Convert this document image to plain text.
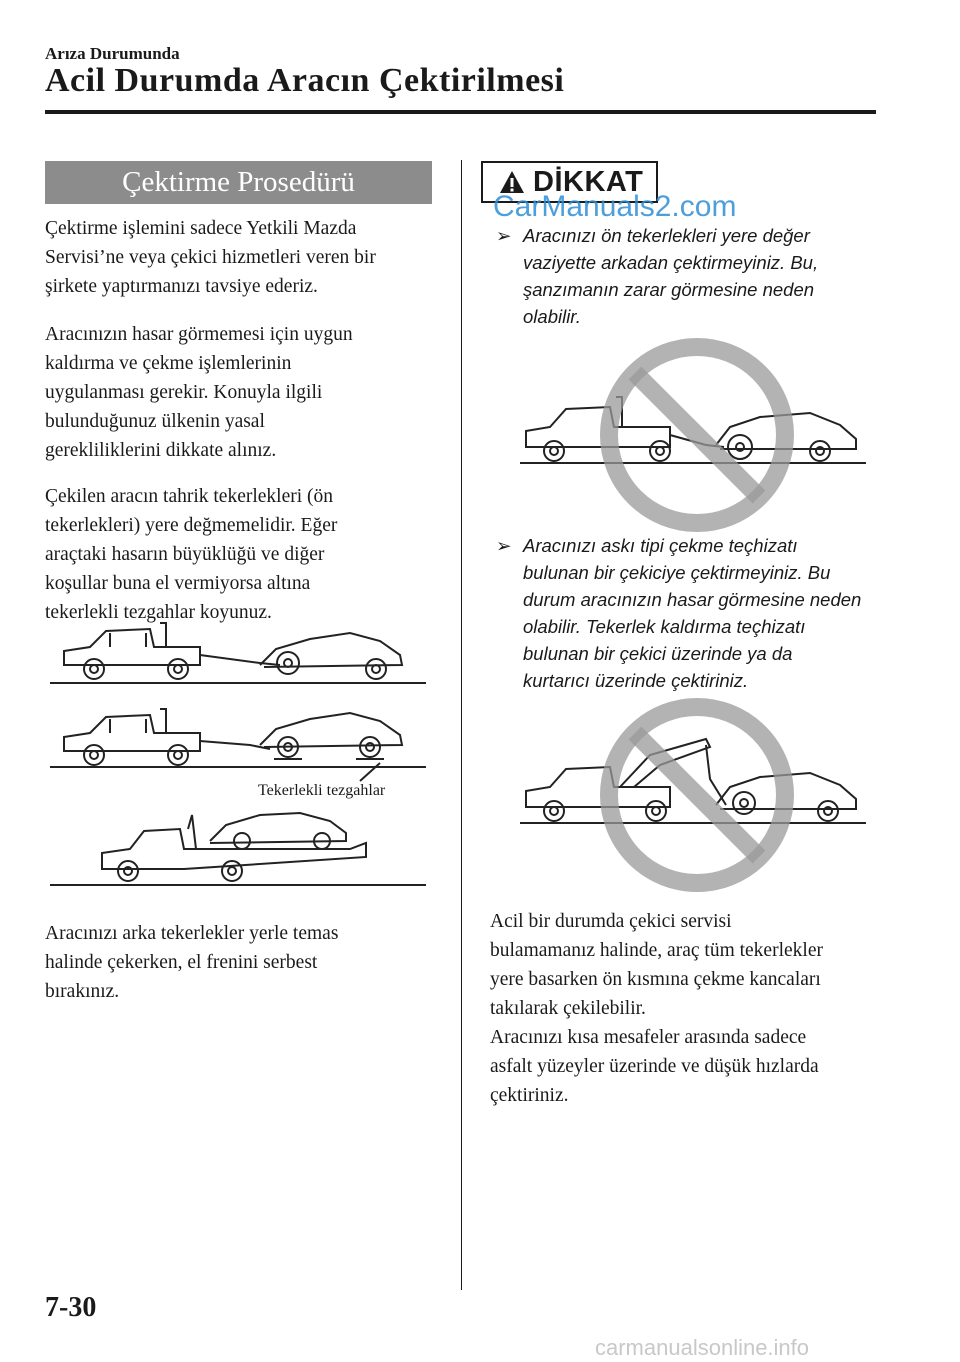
Arıza Durumunda
Acil Durumda Aracın Çektirilmesi
Çektirme Prosedürü
Çektirme işlemini sadece Yetkili Mazda
Servisi’ne veya çekici hizmetleri veren bir
şirkete yaptırmanızı tavsiye ederiz.
Aracınızın hasar görmemesi için uygun
kaldırma ve çekme işlemlerinin
uygulanması gerekir. Konuyla ilgili
bulunduğunuz ülkenin yasal
gerekliliklerini dikkate alınız.
Çekilen aracın tahrik tekerlekleri (ön
tekerlekleri) yere değmemelidir. Eğer
araçtaki hasarın büyüklüğü ve diğer
koşullar buna el vermiyorsa altına
tekerlekli tezgahlar koyunuz.
Tekerlekli tezgahlar
Aracınızı arka tekerlekler yerle temas
halinde çekerken, el frenini serbest
bırakınız.
DİKKAT
CarManuals2.com
➢ Aracınızı ön tekerlekleri yere değer
vaziyette arkadan çektirmeyiniz. Bu,
şanzımanın zarar görmesine neden
olabilir.
➢ Aracınızı askı tipi çekme teçhizatı
bulunan bir çekiciye çektirmeyiniz. Bu
durum aracınızın hasar görmesine neden
olabilir. Tekerlek kaldırma teçhizatı
bulunan bir çekici üzerinde ya da
kurtarıcı üzerinde çektiriniz.
Acil bir durumda çekici servisi
bulamamanız halinde, araç tüm tekerlekler
yere basarken ön kısmına çekme kancaları
takılarak çekilebilir.
Aracınızı kısa mesafeler arasında sadece
asfalt yüzeyler üzerinde ve düşük hızlarda
çektiriniz.
7-30
carmanualsonline.info
